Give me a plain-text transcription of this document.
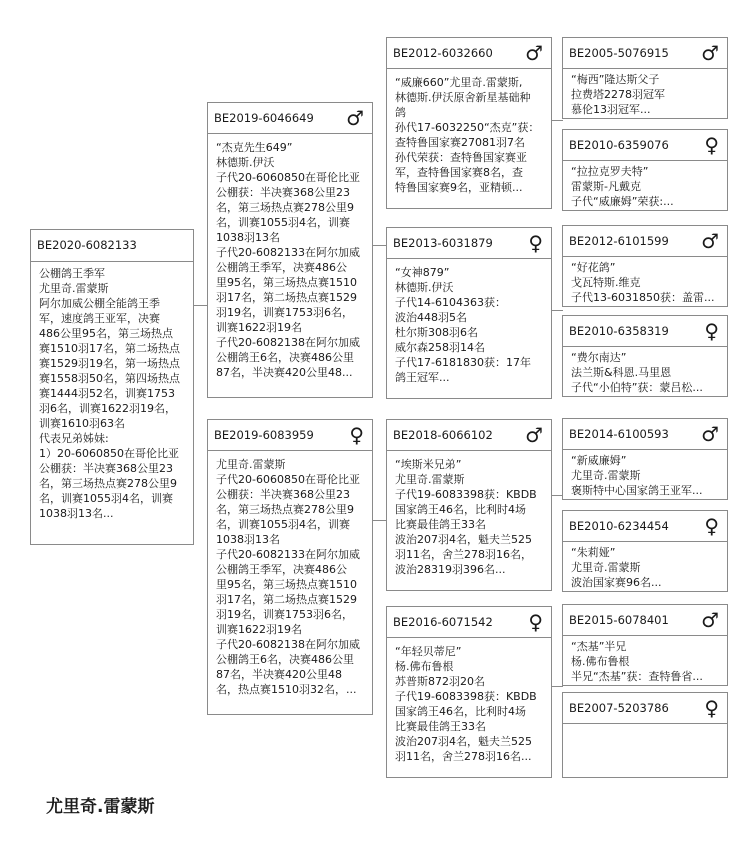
BE2020-6082133
公棚鸽王季军
尤里奇.雷蒙斯
阿尔加威公棚全能鸽王季
军，速度鸽王亚军，决赛
486公里95名，第三场热点
赛1510羽17名，第二场热点
赛1529羽19名，第一场热点
赛1558羽50名，第四场热点
赛1444羽52名，训赛1753
羽6名，训赛1622羽19名，
训赛1610羽63名
代表兄弟姊妹:
1）20-6060850在哥伦比亚
公棚获：半决赛368公里23
名，第三场热点赛278公里9
名，训赛1055羽4名，训赛
1038羽13名...
BE2019-6046649 ♂
“杰克先生649”
林德斯.伊沃
子代20-6060850在哥伦比亚
公棚获：半决赛368公里23
名，第三场热点赛278公里9
名，训赛1055羽4名，训赛
1038羽13名
子代20-6082133在阿尔加威
公棚鸽王季军，决赛486公
里95名，第三场热点赛1510
羽17名，第二场热点赛1529
羽19名，训赛1753羽6名，
训赛1622羽19名
子代20-6082138在阿尔加威
公棚鸽王6名，决赛486公里
87名，半决赛420公里48...
BE2019-6083959 ♀
尤里奇.雷蒙斯
子代20-6060850在哥伦比亚
公棚获：半决赛368公里23
名，第三场热点赛278公里9
名，训赛1055羽4名，训赛
1038羽13名
子代20-6082133在阿尔加威
公棚鸽王季军，决赛486公
里95名，第三场热点赛1510
羽17名，第二场热点赛1529
羽19名，训赛1753羽6名，
训赛1622羽19名
子代20-6082138在阿尔加威
公棚鸽王6名，决赛486公里
87名，半决赛420公里48
名，热点赛1510羽32名，...
BE2012-6032660 ♂
“威廉660”尤里奇.雷蒙斯,
林德斯.伊沃原舍新星基础种
鸽
孙代17-6032250“杰克”获：
查特鲁国家赛27081羽7名
孙代荣获：查特鲁国家赛亚
军，查特鲁国家赛8名，查
特鲁国家赛9名，亚精顿...
BE2013-6031879 ♀
“女神879”
林德斯.伊沃
子代14-6104363获：
波治448羽5名
杜尔斯308羽6名
威尔森258羽14名
子代17-6181830获：17年
鸽王冠军...
BE2018-6066102 ♂
“埃斯米兄弟”
尤里奇.雷蒙斯
子代19-6083398获：KBDB
国家鸽王46名，比利时4场
比赛最佳鸽王33名
波治207羽4名，魁夫兰525
羽11名，舍兰278羽16名，
波治28319羽396名...
BE2016-6071542 ♀
“年轻贝蒂尼”
杨.佛布鲁根
苏普斯872羽20名
子代19-6083398获：KBDB
国家鸽王46名，比利时4场
比赛最佳鸽王33名
波治207羽4名，魁夫兰525
羽11名，舍兰278羽16名...
BE2005-5076915 ♂
“梅西”隆达斯父子
拉费塔2278羽冠军
慕伦13羽冠军...
BE2010-6359076 ♀
“拉拉克罗夫特”
雷蒙斯-凡戴克
子代“威廉姆”荣获:...
BE2012-6101599 ♂
“好花鸽”
戈瓦特斯.维克
子代13-6031850获：盖雷...
BE2010-6358319 ♀
“费尔南达”
法兰斯&科恩.马里恩
子代“小伯特”获：蒙吕松...
BE2014-6100593 ♂
“新威廉姆”
尤里奇.雷蒙斯
褒斯特中心国家鸽王亚军...
BE2010-6234454 ♀
“朱莉娅”
尤里奇.雷蒙斯
波治国家赛96名...
BE2015-6078401 ♂
“杰基”半兄
杨.佛布鲁根
半兄“杰基”获：查特鲁省...
BE2007-5203786 ♀
尤里奇.雷蒙斯
